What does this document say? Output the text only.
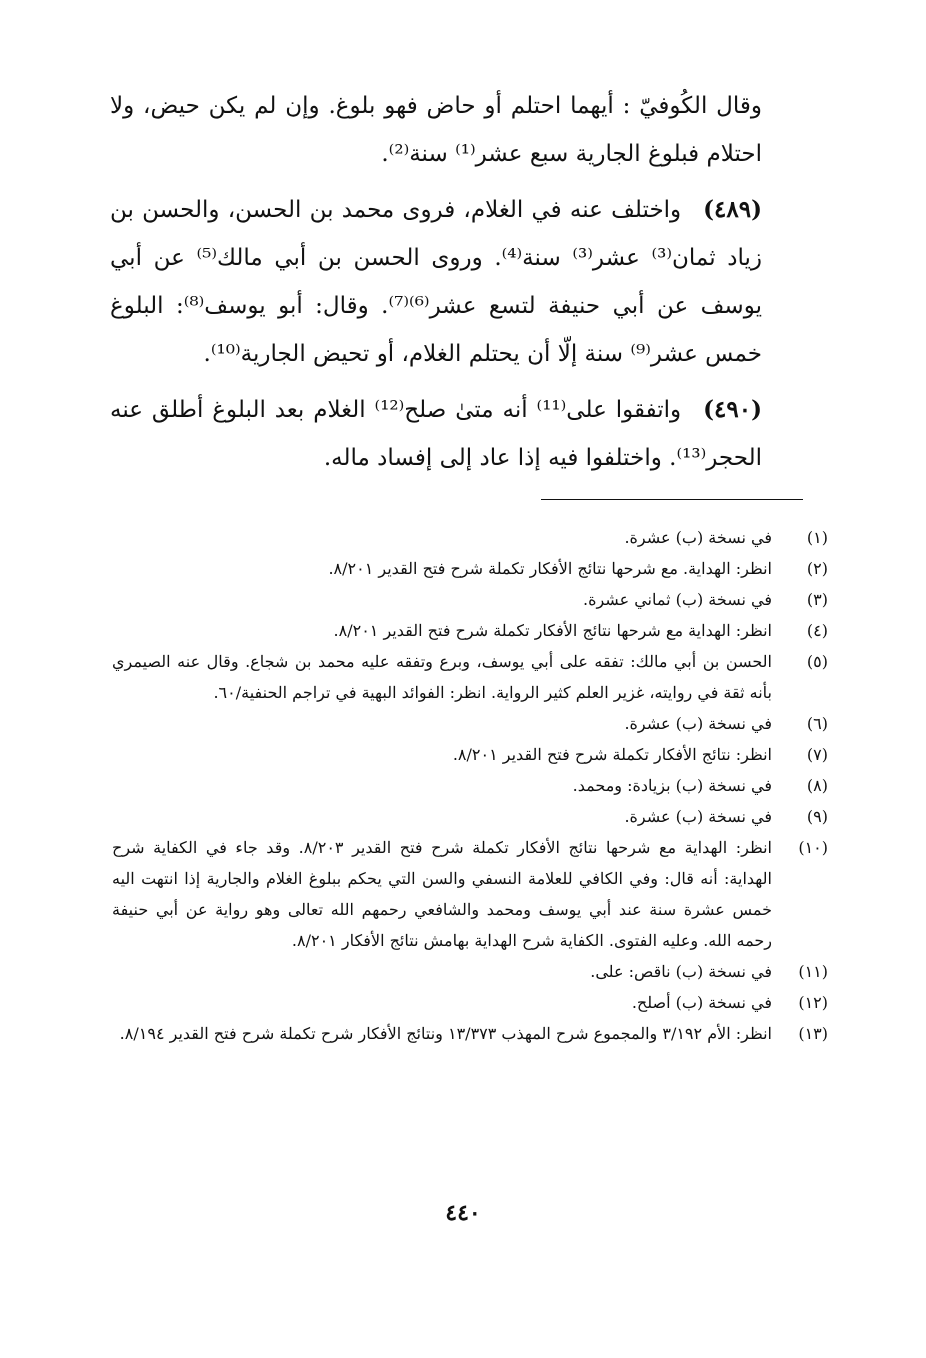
وقال الكُوفيّ : أيهما احتلم أو حاض فهو بلوغ. وإن لم يكن حيض، ولا احتلام فبلوغ الجارية سبع عشر⁽¹⁾ سنة⁽²⁾.

(٤٨٩)واختلف عنه في الغلام، فروى محمد بن الحسن، والحسن بن زياد ثمان⁽³⁾ عشر⁽³⁾ سنة⁽⁴⁾. وروى الحسن بن أبي مالك⁽⁵⁾ عن أبي يوسف عن أبي حنيفة لتسع عشر⁽⁶⁾⁽⁷⁾. وقال: أبو يوسف⁽⁸⁾: البلوغ خمس عشر⁽⁹⁾ سنة إلّا أن يحتلم الغلام، أو تحيض الجارية⁽¹⁰⁾.

(٤٩٠)واتفقوا على⁽¹¹⁾ أنه متىٰ صلح⁽¹²⁾ الغلام بعد البلوغ أطلق عنه الحجر⁽¹³⁾. واختلفوا فيه إذا عاد إلى إفساد ماله.

(١)
في نسخة (ب) عشرة.
(٢)
انظر: الهداية. مع شرحها نتائج الأفكار تكملة شرح فتح القدير ٨/٢٠١.
(٣)
في نسخة (ب) ثماني عشرة.
(٤)
انظر: الهداية مع شرحها نتائج الأفكار تكملة شرح فتح القدير ٨/٢٠١.
(٥)
الحسن بن أبي مالك: تفقه على أبي يوسف، وبرع وتفقه عليه محمد بن شجاع. وقال عنه الصيمري بأنه ثقة في روايته، غزير العلم كثير الرواية. انظر: الفوائد البهية في تراجم الحنفية/٦٠.
(٦)
في نسخة (ب) عشرة.
(٧)
انظر: نتائج الأفكار تكملة شرح فتح القدير ٨/٢٠١.
(٨)
في نسخة (ب) بزيادة: ومحمد.
(٩)
في نسخة (ب) عشرة.
(١٠)
انظر: الهداية مع شرحها نتائج الأفكار تكملة شرح فتح القدير ٨/٢٠٣. وقد جاء في الكفاية شرح الهداية: أنه قال: وفي الكافي للعلامة النسفي والسن التي يحكم ببلوغ الغلام والجارية إذا انتهت اليه خمس عشرة سنة عند أبي يوسف ومحمد والشافعي رحمهم الله تعالى وهو رواية عن أبي حنيفة رحمه الله. وعليه الفتوى. الكفاية شرح الهداية بهامش نتائج الأفكار ٨/٢٠١.
(١١)
في نسخة (ب) ناقص: على.
(١٢)
في نسخة (ب) أصلح.
(١٣)
انظر: الأم ٣/١٩٢ والمجموع شرح المهذب ١٣/٣٧٣ ونتائج الأفكار شرح تكملة شرح فتح القدير ٨/١٩٤.
٤٤٠
